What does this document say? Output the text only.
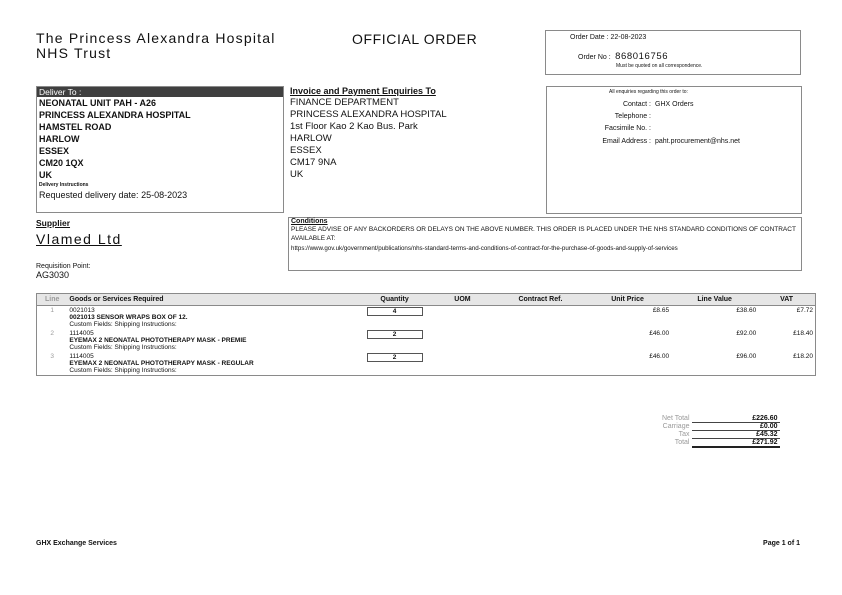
The Princess Alexandra Hospital
NHS Trust
OFFICIAL ORDER	Order Date : 22-08-2023
Order No : 868016756
Must be quoted on all correspondence.
Deliver To :
NEONATAL UNIT PAH - A26
PRINCESS ALEXANDRA HOSPITAL
HAMSTEL ROAD
HARLOW
ESSEX
CM20 1QX
UK
Delivery Instructions
Requested delivery date: 25-08-2023
Invoice and Payment Enquiries To
FINANCE DEPARTMENT
PRINCESS ALEXANDRA HOSPITAL
1st Floor Kao 2 Kao Bus. Park
HARLOW
ESSEX
CM17 9NA
UK
All enquiries regarding this order to:
Contact : GHX Orders
Telephone :
Facsimile No. :
Email Address : paht.procurement@nhs.net
Supplier
Vlamed Ltd
Requisition Point:
AG3030
Conditions
PLEASE ADVISE OF ANY BACKORDERS OR DELAYS ON THE ABOVE NUMBER. THIS ORDER IS PLACED UNDER THE NHS STANDARD CONDITIONS OF CONTRACT AVAILABLE AT:
https://www.gov.uk/government/publications/nhs-standard-terms-and-conditions-of-contract-for-the-purchase-of-goods-and-supply-of-services
Line	Goods or Services Required	Quantity	UOM	Contract Ref.	Unit Price	Line Value	VAT
1	0021013
0021013 SENSOR WRAPS BOX OF 12.
Custom Fields: Shipping Instructions:	4			£8.65	£38.60	£7.72
2	1114005
EYEMAX 2 NEONATAL PHOTOTHERAPY MASK - PREMIE
Custom Fields: Shipping Instructions:	2			£46.00	£92.00	£18.40
3	1114005
EYEMAX 2 NEONATAL PHOTOTHERAPY MASK - REGULAR
Custom Fields: Shipping Instructions:	2			£46.00	£96.00	£18.20
Net Total	£226.60
Carriage	£0.00
Tax	£45.32
Total	£271.92
GHX Exchange Services	Page 1 of 1
